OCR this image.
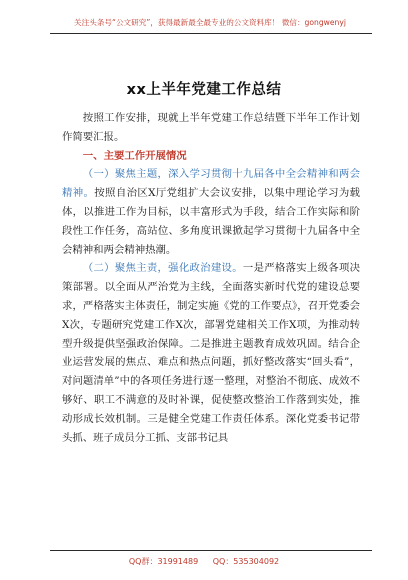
关注头条号“公文研究”，获得最新最全最专业的公文资料库！ 微信：gongwenyj
xx上半年党建工作总结

按照工作安排，现就上半年党建工作总结暨下半年工作计划作简要汇报。

一、主要工作开展情况

（一）聚焦主题，深入学习贯彻十九届各中全会精神和两会精神。按照自治区X厅党组扩大会议安排，以集中理论学习为载体，以推进工作为目标，以丰富形式为手段，结合工作实际和阶段性工作任务，高站位、多角度讯课掀起学习贯彻十九届各中全会精神和两会精神热潮。

（二）聚焦主责，强化政治建设。一是严格落实上级各项决策部署。以全面从严治党为主线，全面落实新时代党的建设总要求，严格落实主体责任，制定实施《党的工作要点》，召开党委会X次，专题研究党建工作X次，部署党建相关工作X项，为推动转型升级提供坚强政治保障。二是推进主题教育成效巩固。结合企业运营发展的焦点、难点和热点问题，抓好整改落实“回头看”，对问题清单”中的各项任务进行逐一整理，对整治不彻底、成效不够好、职工不满意的及时补课，促使整改整治工作落到实处，推动形成长效机制。三是健全党建工作责任体系。深化党委书记带头抓、班子成员分工抓、支部书记具

QQ群：31991489 QQ：535304092
